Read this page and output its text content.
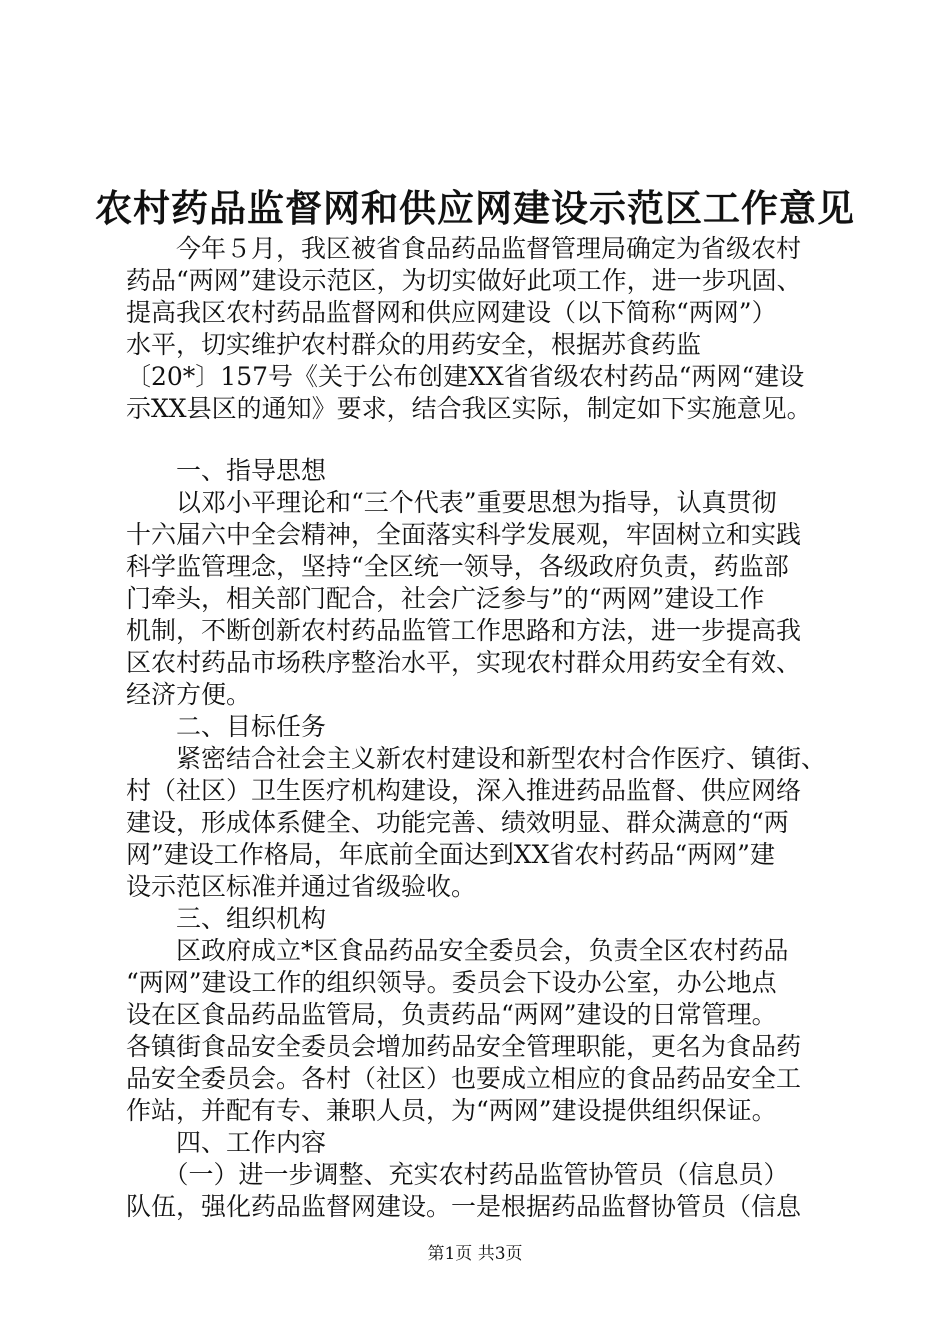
农村药品监督网和供应网建设示范区工作意见
　　今年５月，我区被省食品药品监督管理局确定为省级农村
药品“两网”建设示范区，为切实做好此项工作，进一步巩固、
提高我区农村药品监督网和供应网建设（以下简称“两网”）
水平，切实维护农村群众的用药安全，根据苏食药监
〔20*〕157号《关于公布创建XX省省级农村药品“两网“建设
示XX县区的通知》要求，结合我区实际，制定如下实施意见。
　　一、指导思想
　　以邓小平理论和“三个代表”重要思想为指导，认真贯彻
十六届六中全会精神，全面落实科学发展观，牢固树立和实践
科学监管理念，坚持“全区统一领导，各级政府负责，药监部
门牵头，相关部门配合，社会广泛参与”的“两网”建设工作
机制，不断创新农村药品监管工作思路和方法，进一步提高我
区农村药品市场秩序整治水平，实现农村群众用药安全有效、
经济方便。
　　二、目标任务
　　紧密结合社会主义新农村建设和新型农村合作医疗、镇街、
村（社区）卫生医疗机构建设，深入推进药品监督、供应网络
建设，形成体系健全、功能完善、绩效明显、群众满意的“两
网”建设工作格局，年底前全面达到XX省农村药品“两网”建
设示范区标准并通过省级验收。
　　三、组织机构
　　区政府成立*区食品药品安全委员会，负责全区农村药品
“两网”建设工作的组织领导。委员会下设办公室，办公地点
设在区食品药品监管局，负责药品“两网”建设的日常管理。
各镇街食品安全委员会增加药品安全管理职能，更名为食品药
品安全委员会。各村（社区）也要成立相应的食品药品安全工
作站，并配有专、兼职人员，为“两网”建设提供组织保证。
　　四、工作内容
　　（一）进一步调整、充实农村药品监管协管员（信息员）
队伍，强化药品监督网建设。一是根据药品监督协管员（信息
第1页 共3页
